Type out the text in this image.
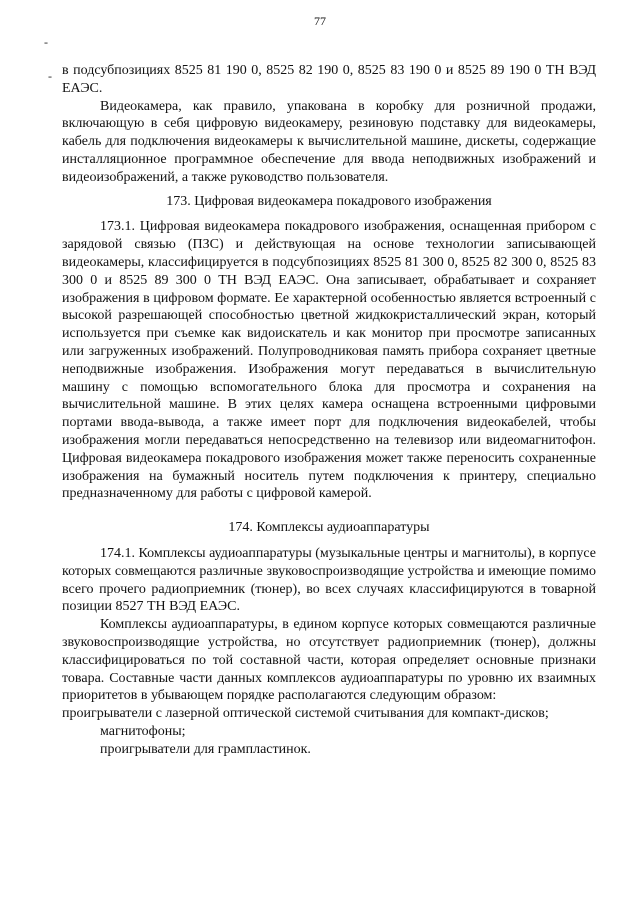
77
-
- в подсубпозициях 8525 81 190 0, 8525 82 190 0, 8525 83 190 0 и 8525 89 190 0 ТН ВЭД ЕАЭС.

Видеокамера, как правило, упакована в коробку для розничной продажи, включающую в себя цифровую видеокамеру, резиновую подставку для видеокамеры, кабель для подключения видеокамеры к вычислительной машине, дискеты, содержащие инсталляционное программное обеспечение для ввода неподвижных изображений и видеоизображений, а также руководство пользователя.

173. Цифровая видеокамера покадрового изображения

173.1. Цифровая видеокамера покадрового изображения, оснащенная прибором с зарядовой связью (ПЗС) и действующая на основе технологии записывающей видеокамеры, классифицируется в подсубпозициях 8525 81 300 0, 8525 82 300 0, 8525 83 300 0 и 8525 89 300 0 ТН ВЭД ЕАЭС. Она записывает, обрабатывает и сохраняет изображения в цифровом формате. Ее характерной особенностью является встроенный с высокой разрешающей способностью цветной жидкокристаллический экран, который используется при съемке как видоискатель и как монитор при просмотре записанных или загруженных изображений. Полупроводниковая память прибора сохраняет цветные неподвижные изображения. Изображения могут передаваться в вычислительную машину с помощью вспомогательного блока для просмотра и сохранения на вычислительной машине. В этих целях камера оснащена встроенными цифровыми портами ввода-вывода, а также имеет порт для подключения видеокабелей, чтобы изображения могли передаваться непосредственно на телевизор или видеомагнитофон. Цифровая видеокамера покадрового изображения может также переносить сохраненные изображения на бумажный носитель путем подключения к принтеру, специально предназначенному для работы с цифровой камерой.

174. Комплексы аудиоаппаратуры

174.1. Комплексы аудиоаппаратуры (музыкальные центры и магнитолы), в корпусе которых совмещаются различные звуковоспроизводящие устройства и имеющие помимо всего прочего радиоприемник (тюнер), во всех случаях классифицируются в товарной позиции 8527 ТН ВЭД ЕАЭС.

Комплексы аудиоаппаратуры, в едином корпусе которых совмещаются различные звуковоспроизводящие устройства, но отсутствует радиоприемник (тюнер), должны классифицироваться по той составной части, которая определяет основные признаки товара. Составные части данных комплексов аудиоаппаратуры по уровню их взаимных приоритетов в убывающем порядке располагаются следующим образом:

проигрыватели с лазерной оптической системой считывания для компакт-дисков;

магнитофоны;

проигрыватели для грампластинок.
